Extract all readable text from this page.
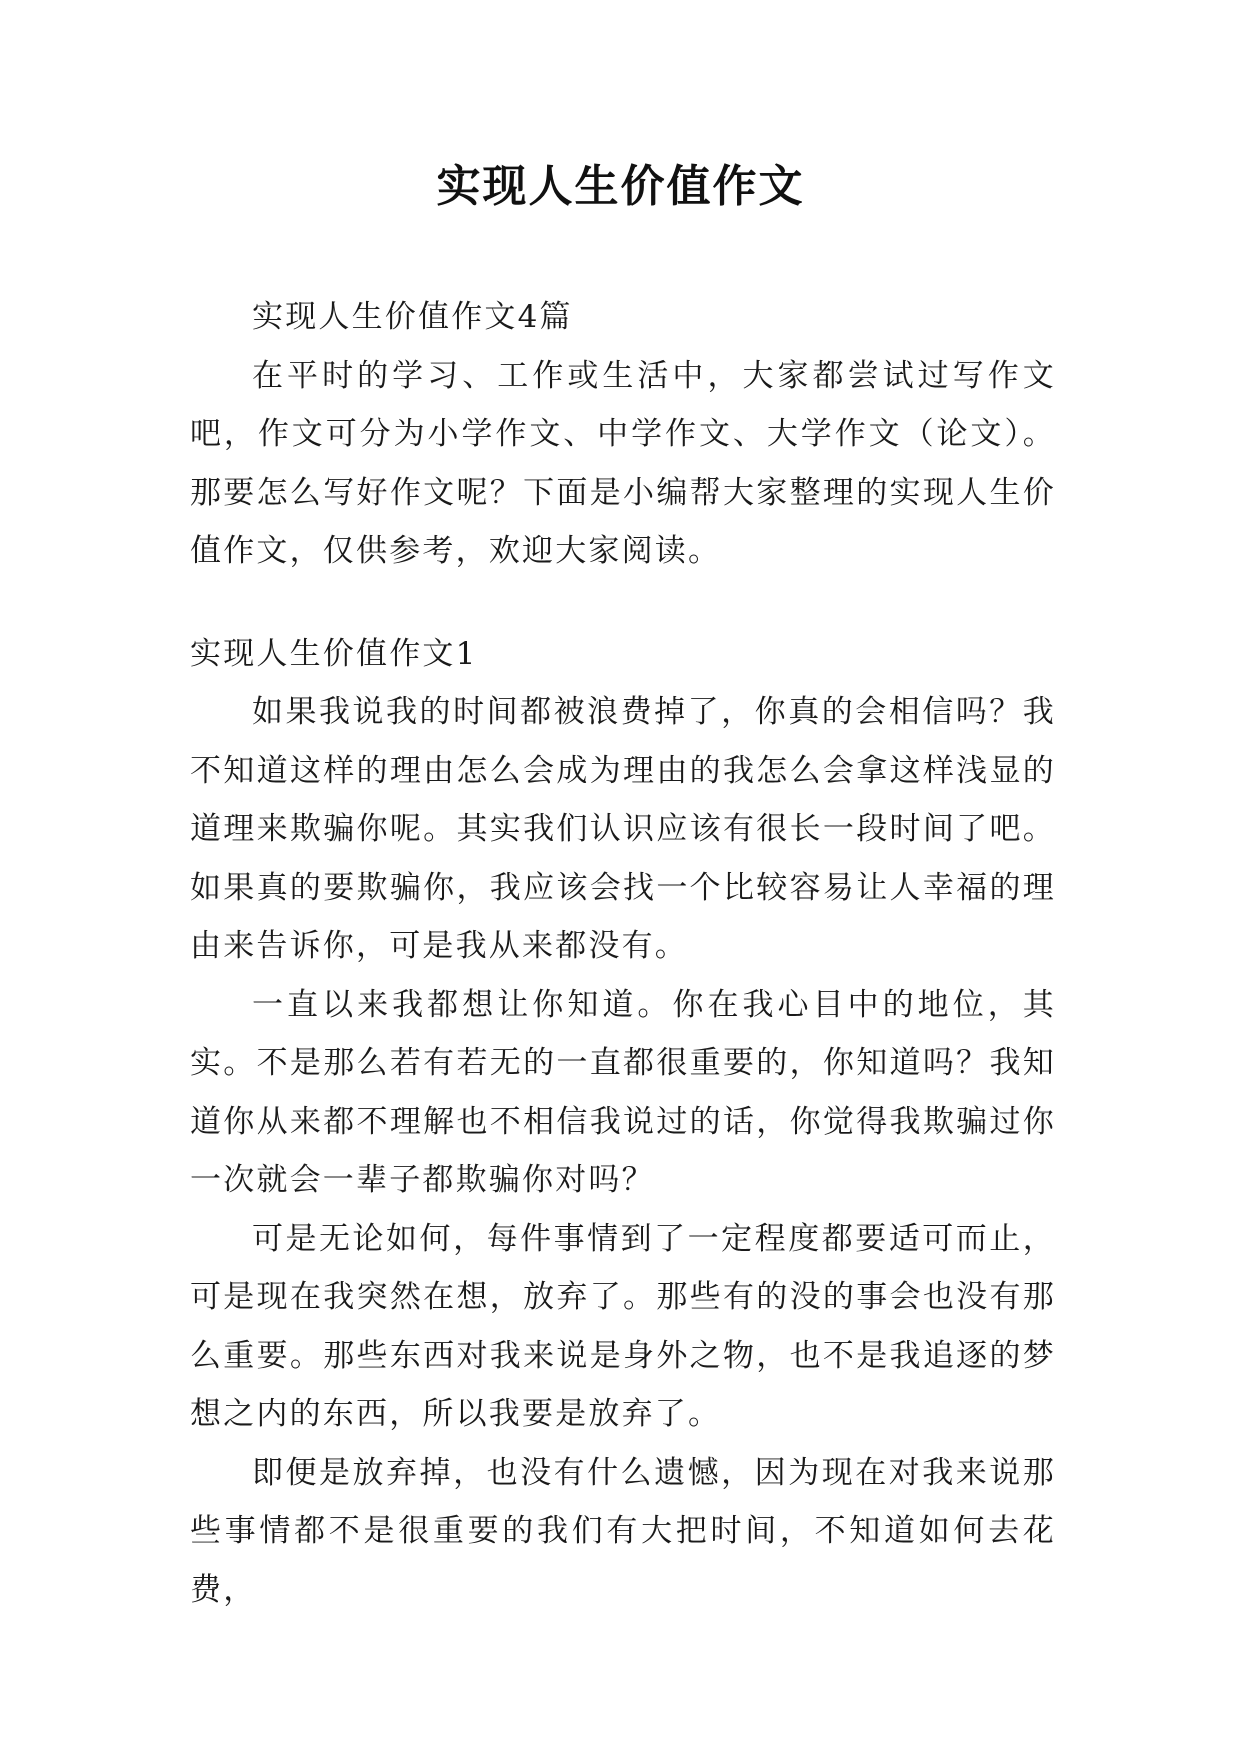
实现人生价值作文

实现人生价值作文4篇

在平时的学习、工作或生活中，大家都尝试过写作文吧，作文可分为小学作文、中学作文、大学作文（论文）。那要怎么写好作文呢？下面是小编帮大家整理的实现人生价值作文，仅供参考，欢迎大家阅读。

实现人生价值作文1

如果我说我的时间都被浪费掉了，你真的会相信吗？我不知道这样的理由怎么会成为理由的我怎么会拿这样浅显的道理来欺骗你呢。其实我们认识应该有很长一段时间了吧。如果真的要欺骗你，我应该会找一个比较容易让人幸福的理由来告诉你，可是我从来都没有。

一直以来我都想让你知道。你在我心目中的地位，其实。不是那么若有若无的一直都很重要的，你知道吗？我知道你从来都不理解也不相信我说过的话，你觉得我欺骗过你一次就会一辈子都欺骗你对吗？

可是无论如何，每件事情到了一定程度都要适可而止，可是现在我突然在想，放弃了。那些有的没的事会也没有那么重要。那些东西对我来说是身外之物，也不是我追逐的梦想之内的东西，所以我要是放弃了。

即便是放弃掉，也没有什么遗憾，因为现在对我来说那些事情都不是很重要的我们有大把时间，不知道如何去花费，
